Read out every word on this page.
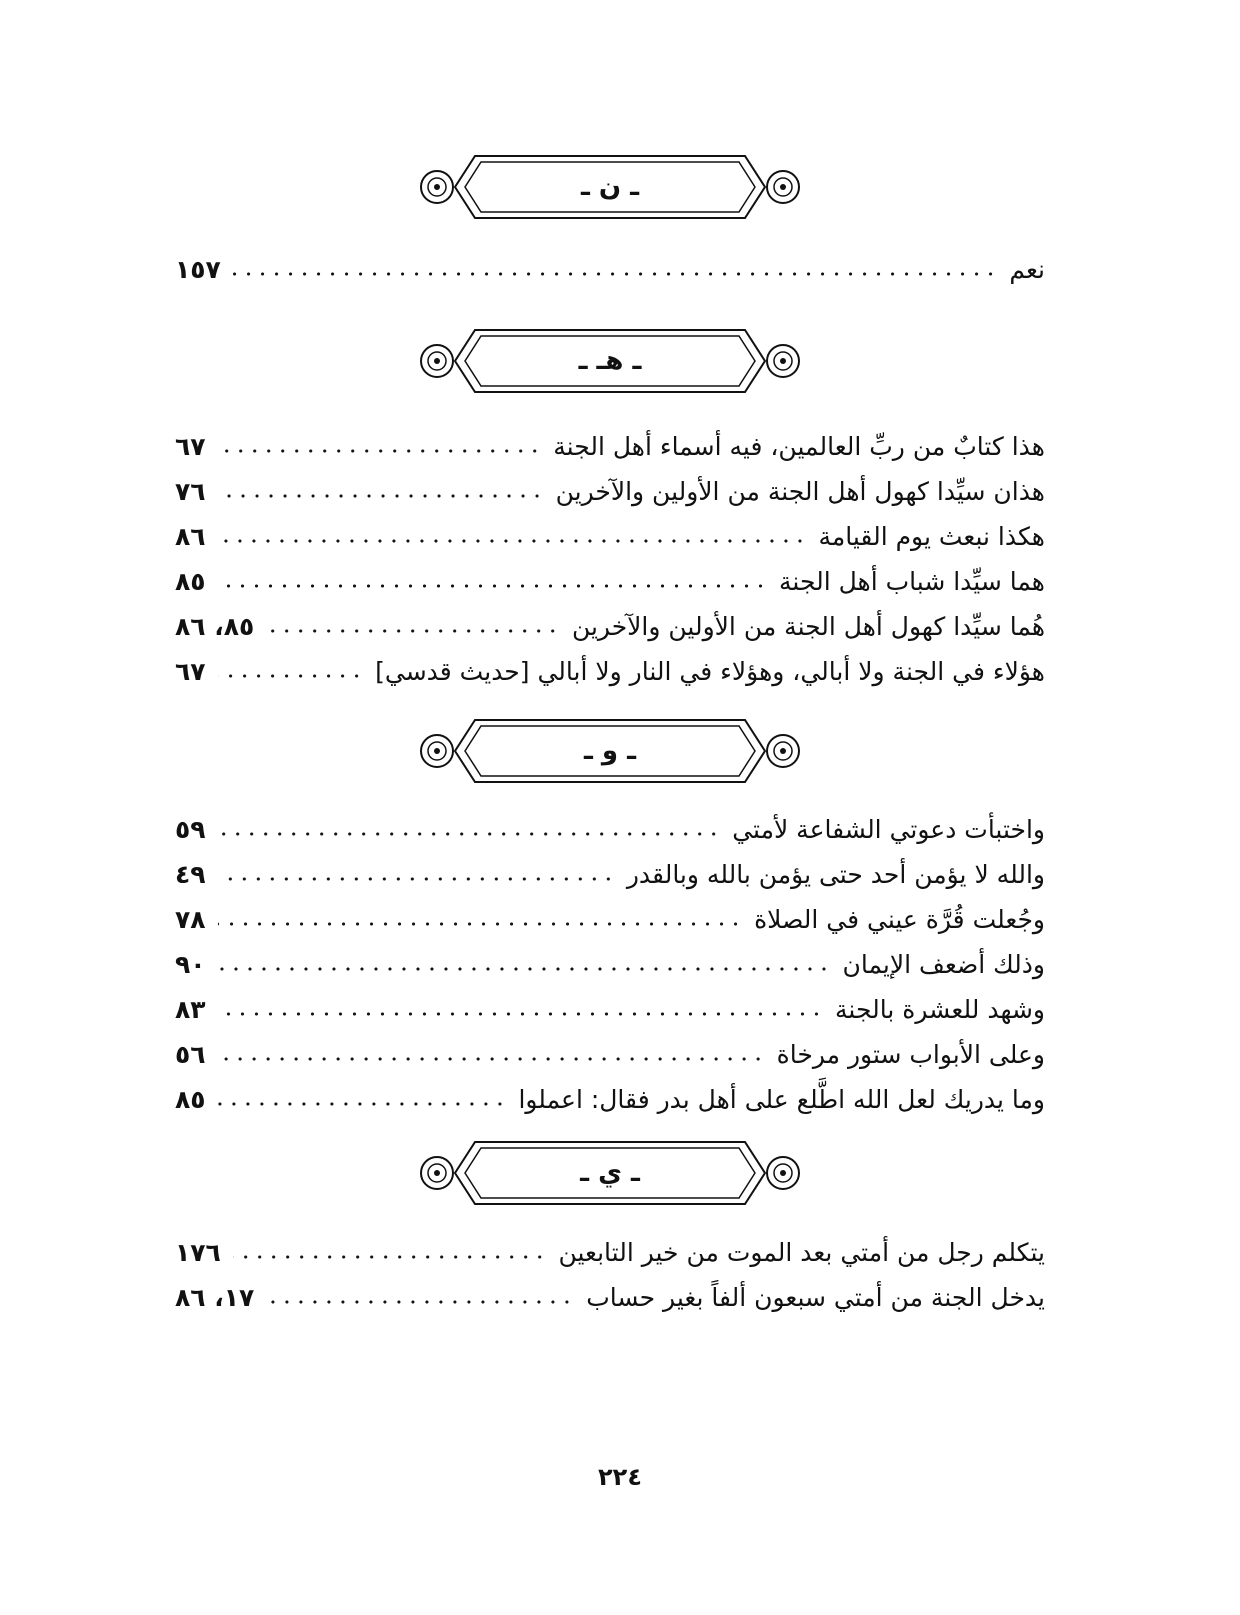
ـ ن ـ
نعم
١٥٧
ـ هـ ـ
هذا كتابٌ من ربِّ العالمين، فيه أسماء أهل الجنة
٦٧
هذان سيِّدا كهول أهل الجنة من الأولين والآخرين
٧٦
هكذا نبعث يوم القيامة
٨٦
هما سيِّدا شباب أهل الجنة
٨٥
هُما سيِّدا كهول أهل الجنة من الأولين والآخرين
٨٥، ٨٦
هؤلاء في الجنة ولا أبالي، وهؤلاء في النار ولا أبالي [حديث قدسي]
٦٧
ـ و ـ
واختبأت دعوتي الشفاعة لأمتي
٥٩
والله لا يؤمن أحد حتى يؤمن بالله وبالقدر
٤٩
وجُعلت قُرَّة عيني في الصلاة
٧٨
وذلك أضعف الإيمان
٩٠
وشهد للعشرة بالجنة
٨٣
وعلى الأبواب ستور مرخاة
٥٦
وما يدريك لعل الله اطَّلع على أهل بدر فقال: اعملوا
٨٥
ـ ي ـ
يتكلم رجل من أمتي بعد الموت من خير التابعين
١٧٦
يدخل الجنة من أمتي سبعون ألفاً بغير حساب
١٧، ٨٦
٢٢٤
